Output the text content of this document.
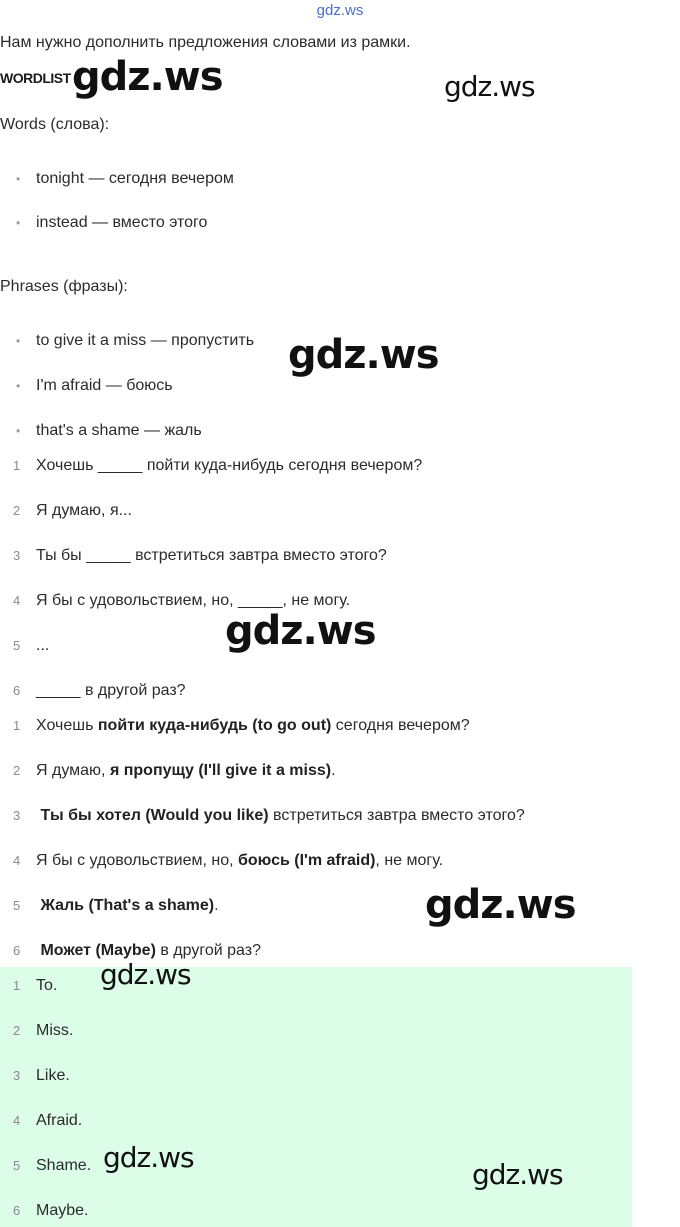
gdz.ws
Нам нужно дополнить предложения словами из рамки.
WORDLIST
Words (слова):
• tonight — сегодня вечером
• instead — вместо этого
Phrases (фразы):
• to give it a miss — пропустить
• I'm afraid — боюсь
• that's a shame — жаль
1 Хочешь _____ пойти куда-нибудь сегодня вечером?
2 Я думаю, я...
3 Ты бы _____ встретиться завтра вместо этого?
4 Я бы с удовольствием, но, _____, не могу.
5 ...
6 _____ в другой раз?
1 Хочешь пойти куда-нибудь (to go out) сегодня вечером?
2 Я думаю, я пропущу (I'll give it a miss).
3 Ты бы хотел (Would you like) встретиться завтра вместо этого?
4 Я бы с удовольствием, но, боюсь (I'm afraid), не могу.
5 Жаль (That's a shame).
6 Может (Maybe) в другой раз?
1 To.
2 Miss.
3 Like.
4 Afraid.
5 Shame.
6 Maybe.
gdz.ws	gdz.ws
gdz.ws
gdz.ws
gdz.ws
gdz.ws
gdz.ws
gdz.ws
